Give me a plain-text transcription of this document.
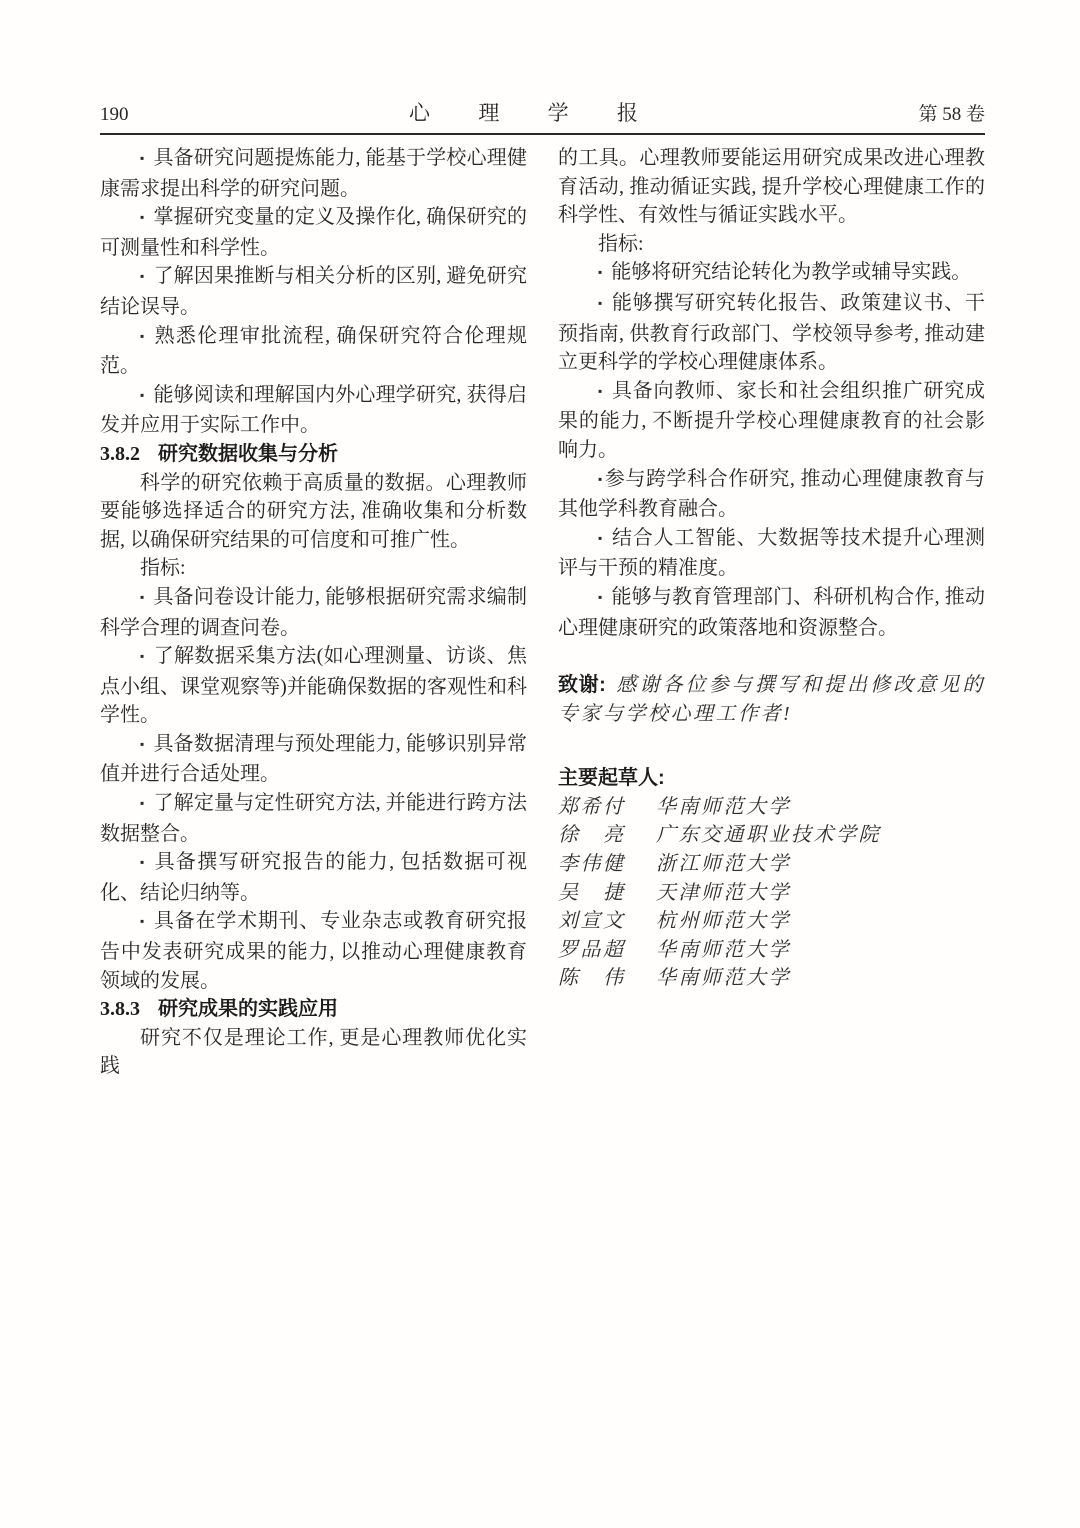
190	心理学报	第 58 卷

▪ 具备研究问题提炼能力, 能基于学校心理健康需求提出科学的研究问题。

▪ 掌握研究变量的定义及操作化, 确保研究的可测量性和科学性。

▪ 了解因果推断与相关分析的区别, 避免研究结论误导。

▪ 熟悉伦理审批流程, 确保研究符合伦理规范。

▪ 能够阅读和理解国内外心理学研究, 获得启发并应用于实际工作中。

3.8.2 研究数据收集与分析

科学的研究依赖于高质量的数据。心理教师要能够选择适合的研究方法, 准确收集和分析数据, 以确保研究结果的可信度和可推广性。

指标:

▪ 具备问卷设计能力, 能够根据研究需求编制科学合理的调查问卷。

▪ 了解数据采集方法(如心理测量、访谈、焦点小组、课堂观察等)并能确保数据的客观性和科学性。

▪ 具备数据清理与预处理能力, 能够识别异常值并进行合适处理。

▪ 了解定量与定性研究方法, 并能进行跨方法数据整合。

▪ 具备撰写研究报告的能力, 包括数据可视化、结论归纳等。

▪ 具备在学术期刊、专业杂志或教育研究报告中发表研究成果的能力, 以推动心理健康教育领域的发展。

3.8.3 研究成果的实践应用

研究不仅是理论工作, 更是心理教师优化实践

的工具。心理教师要能运用研究成果改进心理教育活动, 推动循证实践, 提升学校心理健康工作的科学性、有效性与循证实践水平。

指标:

▪ 能够将研究结论转化为教学或辅导实践。

▪ 能够撰写研究转化报告、政策建议书、干预指南, 供教育行政部门、学校领导参考, 推动建立更科学的学校心理健康体系。

▪ 具备向教师、家长和社会组织推广研究成果的能力, 不断提升学校心理健康教育的社会影响力。

▪ 参与跨学科合作研究, 推动心理健康教育与其他学科教育融合。

▪ 结合人工智能、大数据等技术提升心理测评与干预的精准度。

▪ 能够与教育管理部门、科研机构合作, 推动心理健康研究的政策落地和资源整合。

致谢: 感谢各位参与撰写和提出修改意见的专家与学校心理工作者!

主要起草人:

郑希付	华南师范大学
徐　亮	广东交通职业技术学院
李伟健	浙江师范大学
吴　捷	天津师范大学
刘宣文	杭州师范大学
罗品超	华南师范大学
陈　伟	华南师范大学
